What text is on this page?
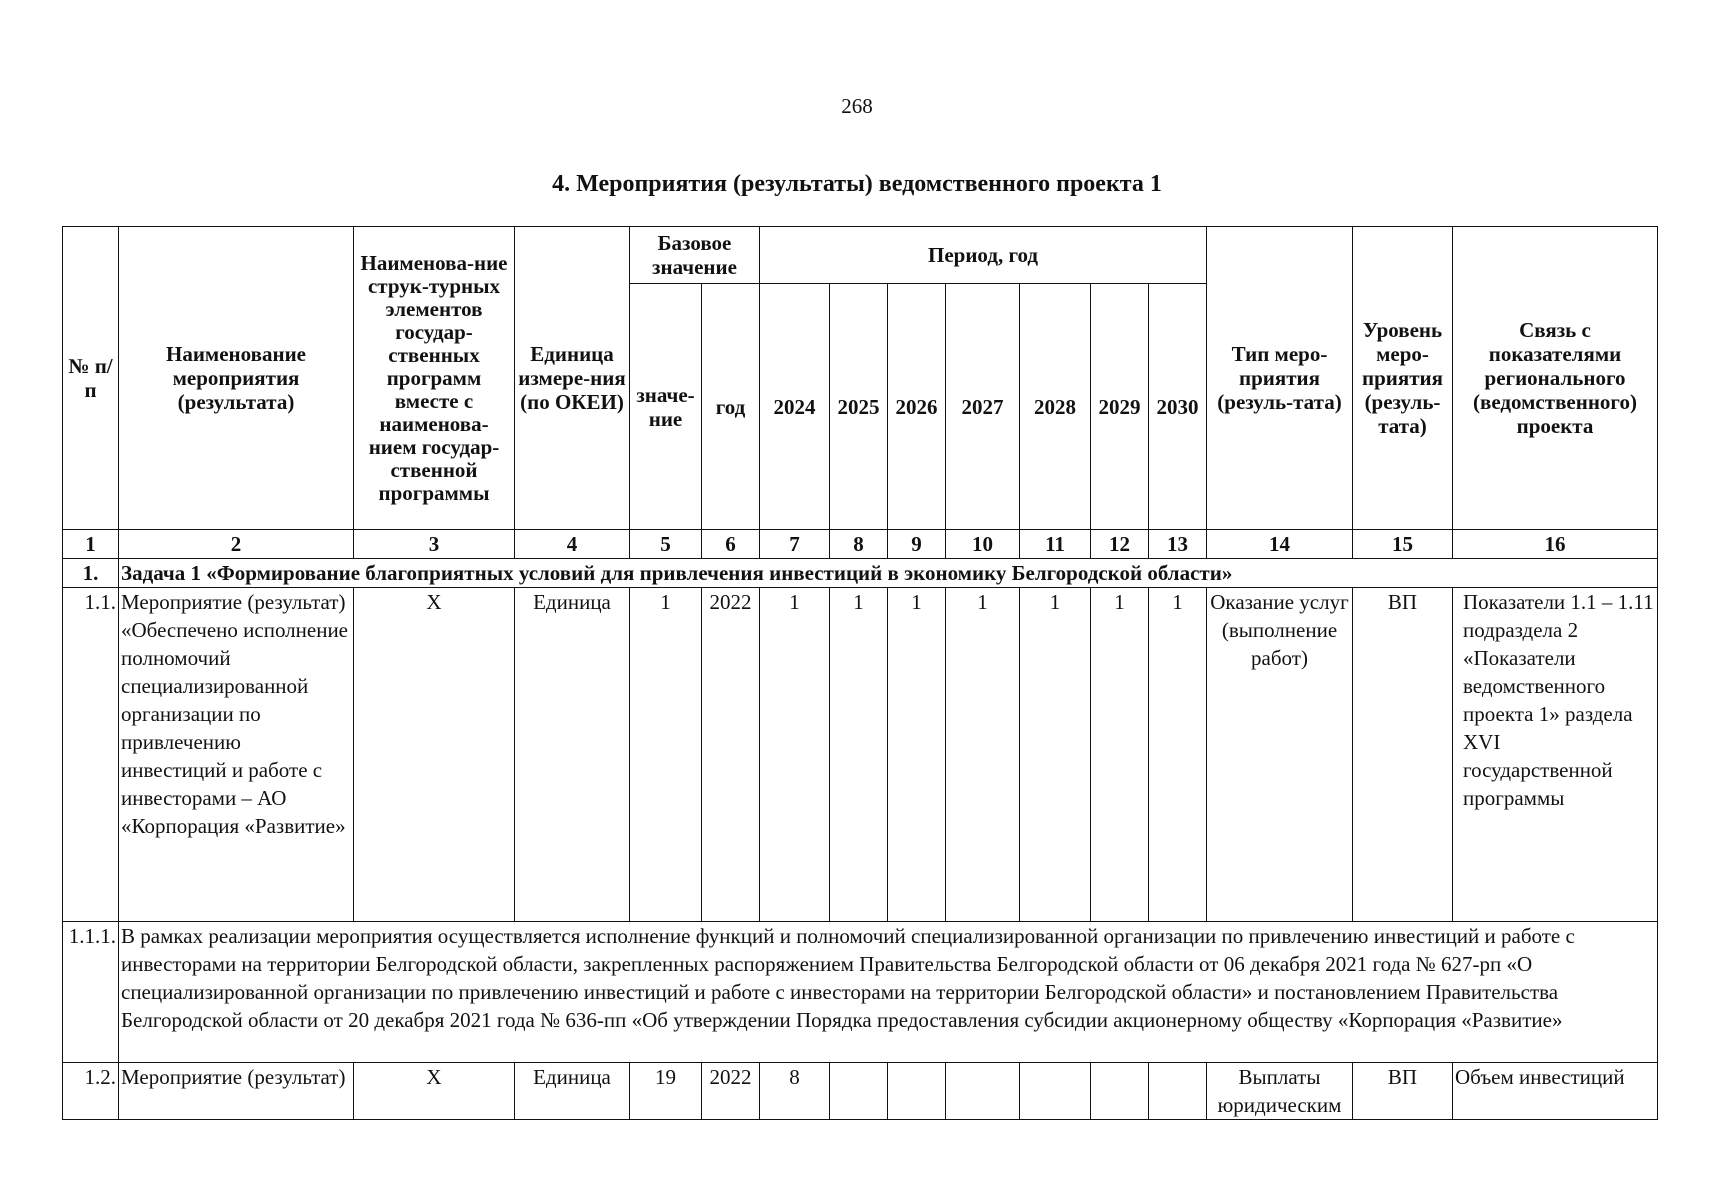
268
4. Мероприятия (результаты) ведомственного проекта 1
№ п/п	Наименование мероприятия (результата)	Наименова-ние струк-турных элементов государ-ственных программ вместе с наименова-нием государ-ственной программы	Единица измере-ния (по ОКЕИ)	Базовое значение		Период, год							Тип меро-приятия (резуль-тата)	Уровень меро-приятия (резуль-тата)	Связь с показателями регионального (ведомственного) проекта
				значе-ние	год	2024	2025	2026	2027	2028	2029	2030			
1	2	3	4	5	6	7	8	9	10	11	12	13	14	15	16
1.	Задача 1 «Формирование благоприятных условий для привлечения инвестиций в экономику Белгородской области»														
1.1.	Мероприятие (результат) «Обеспечено исполнение полномочий специализированной организации по привлечению инвестиций и работе с инвесторами – АО «Корпорация «Развитие»	X	Единица	1	2022	1	1	1	1	1	1	1	Оказание услуг (выполнение работ)	ВП	Показатели 1.1 – 1.11 подраздела 2 «Показатели ведомственного проекта 1» раздела XVI государственной программы
1.1.1.	В рамках реализации мероприятия осуществляется исполнение функций и полномочий специализированной организации по привлечению инвестиций и работе с инвесторами на территории Белгородской области, закрепленных распоряжением Правительства Белгородской области от 06 декабря 2021 года № 627-рп «О специализированной организации по привлечению инвестиций и работе с инвесторами на территории Белгородской области» и постановлением Правительства Белгородской области от 20 декабря 2021 года № 636-пп «Об утверждении Порядка предоставления субсидии акционерному обществу «Корпорация «Развитие»														
1.2.	Мероприятие (результат)	X	Единица	19	2022	8							Выплаты юридическим	ВП	Объем инвестиций
